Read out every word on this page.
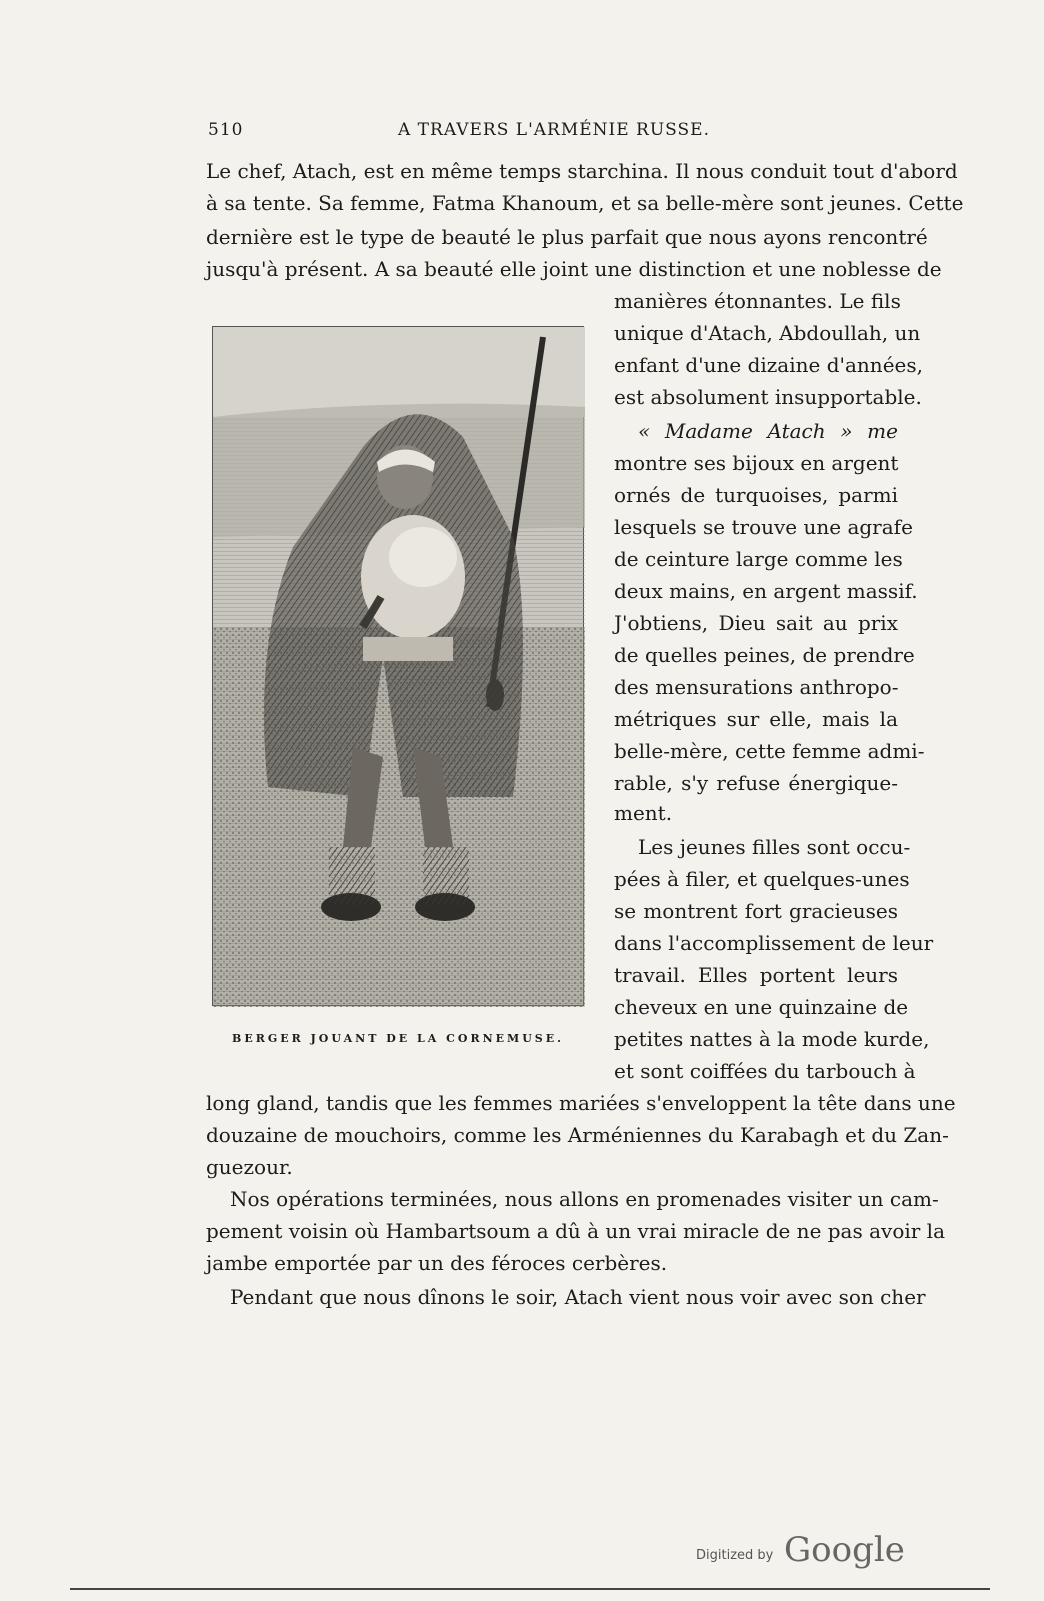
510	A TRAVERS L'ARMÉNIE RUSSE.
Le chef, Atach, est en même temps starchina. Il nous conduit tout d'abord
à sa tente. Sa femme, Fatma Khanoum, et sa belle-mère sont jeunes. Cette
dernière est le type de beauté le plus parfait que nous ayons rencontré
jusqu'à présent. A sa beauté elle joint une distinction et une noblesse de
manières étonnantes. Le fils
unique d'Atach, Abdoullah, un
enfant d'une dizaine d'années,
est absolument insupportable.
« Madame Atach » me
montre ses bijoux en argent
ornés de turquoises, parmi
lesquels se trouve une agrafe
de ceinture large comme les
deux mains, en argent massif.
J'obtiens, Dieu sait au prix
de quelles peines, de prendre
des mensurations anthropo-
métriques sur elle, mais la
belle-mère, cette femme admi-
rable, s'y refuse énergique-
ment.
Les jeunes filles sont occu-
pées à filer, et quelques-unes
se montrent fort gracieuses
dans l'accomplissement de leur
travail. Elles portent leurs
cheveux en une quinzaine de
petites nattes à la mode kurde,
et sont coiffées du tarbouch à
long gland, tandis que les femmes mariées s'enveloppent la tête dans une
douzaine de mouchoirs, comme les Arméniennes du Karabagh et du Zan-
guezour.
Nos opérations terminées, nous allons en promenades visiter un cam-
pement voisin où Hambartsoum a dû à un vrai miracle de ne pas avoir la
jambe emportée par un des féroces cerbères.
Pendant que nous dînons le soir, Atach vient nous voir avec son cher
BERGER JOUANT DE LA CORNEMUSE.
Digitized by Google
